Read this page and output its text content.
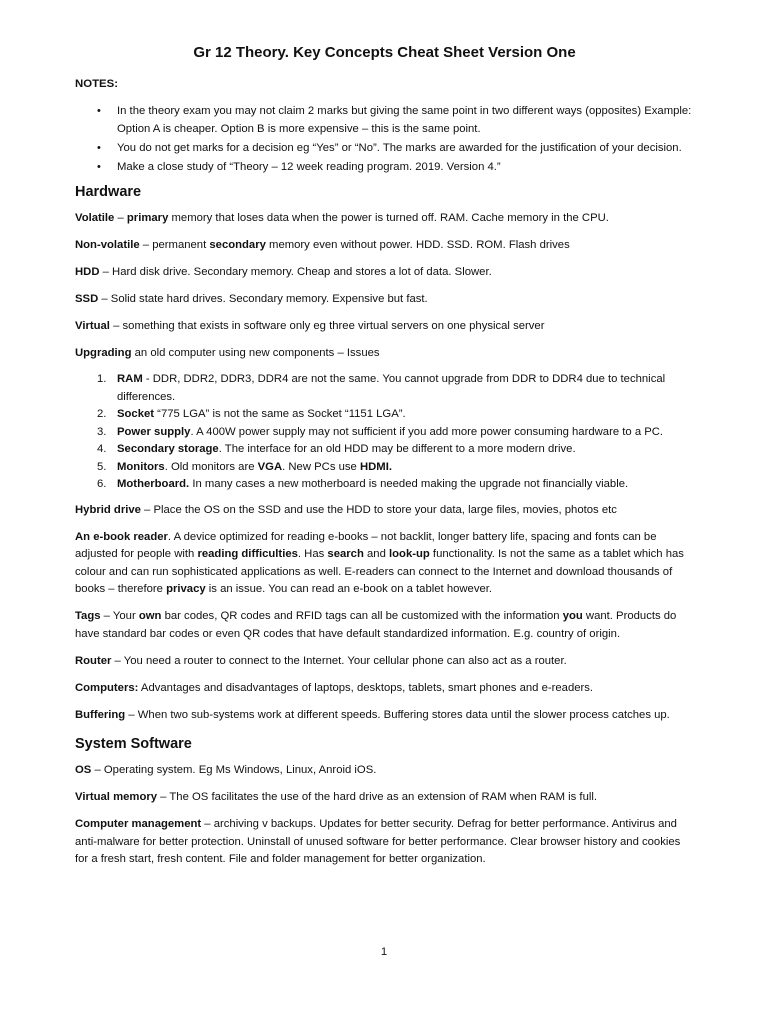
Gr 12 Theory. Key Concepts Cheat Sheet Version One
NOTES:
• In the theory exam you may not claim 2 marks but giving the same point in two different ways (opposites) Example: Option A is cheaper. Option B is more expensive – this is the same point.
• You do not get marks for a decision eg “Yes” or “No”. The marks are awarded for the justification of your decision.
• Make a close study of “Theory – 12 week reading program. 2019. Version 4.”
Hardware

Volatile – primary memory that loses data when the power is turned off. RAM. Cache memory in the CPU.

Non-volatile – permanent secondary memory even without power. HDD. SSD. ROM. Flash drives

HDD – Hard disk drive. Secondary memory. Cheap and stores a lot of data. Slower.

SSD – Solid state hard drives. Secondary memory. Expensive but fast.

Virtual – something that exists in software only eg three virtual servers on one physical server

Upgrading an old computer using new components – Issues

1. RAM - DDR, DDR2, DDR3, DDR4 are not the same. You cannot upgrade from DDR to DDR4 due to technical differences.
2. Socket “775 LGA” is not the same as Socket “1151 LGA”.
3. Power supply. A 400W power supply may not sufficient if you add more power consuming hardware to a PC.
4. Secondary storage. The interface for an old HDD may be different to a more modern drive.
5. Monitors. Old monitors are VGA. New PCs use HDMI.
6. Motherboard. In many cases a new motherboard is needed making the upgrade not financially viable.

Hybrid drive – Place the OS on the SSD and use the HDD to store your data, large files, movies, photos etc

An e-book reader. A device optimized for reading e-books – not backlit, longer battery life, spacing and fonts can be adjusted for people with reading difficulties. Has search and look-up functionality. Is not the same as a tablet which has colour and can run sophisticated applications as well. E-readers can connect to the Internet and download thousands of books – therefore privacy is an issue. You can read an e-book on a tablet however.

Tags – Your own bar codes, QR codes and RFID tags can all be customized with the information you want. Products do have standard bar codes or even QR codes that have default standardized information. E.g. country of origin.

Router – You need a router to connect to the Internet. Your cellular phone can also act as a router.

Computers: Advantages and disadvantages of laptops, desktops, tablets, smart phones and e-readers.

Buffering – When two sub-systems work at different speeds. Buffering stores data until the slower process catches up.

System Software

OS – Operating system. Eg Ms Windows, Linux, Anroid iOS.

Virtual memory – The OS facilitates the use of the hard drive as an extension of RAM when RAM is full.

Computer management – archiving v backups. Updates for better security. Defrag for better performance. Antivirus and anti-malware for better protection. Uninstall of unused software for better performance. Clear browser history and cookies for a fresh start, fresh content. File and folder management for better organization.

1
